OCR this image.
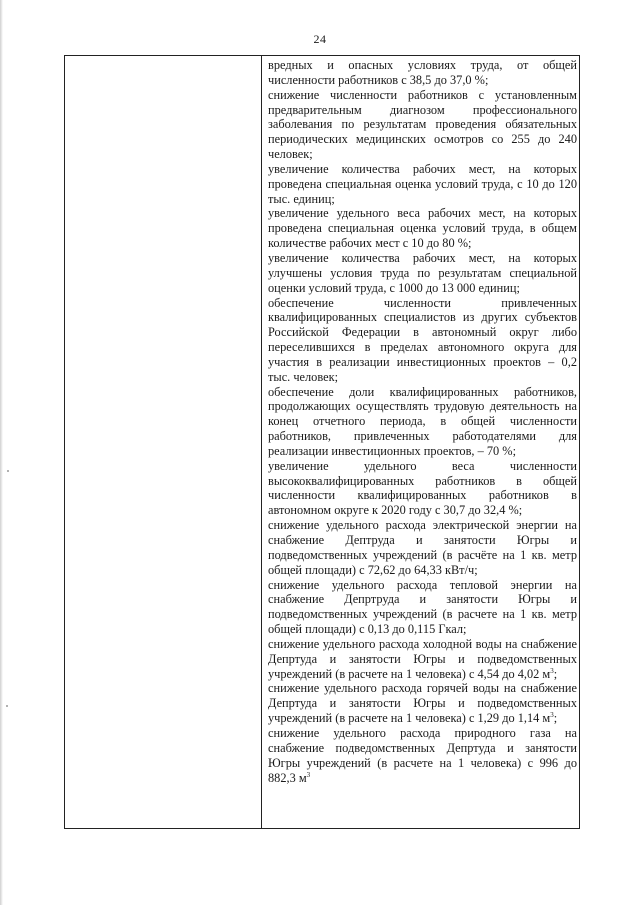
24

вредных и опасных условиях труда, от общей численности работников с 38,5 до 37,0 %;

снижение численности работников с установленным предварительным диагнозом профессионального заболевания по результатам проведения обязательных периодических медицинских осмотров со 255 до 240 человек;

увеличение количества рабочих мест, на которых проведена специальная оценка условий труда, с 10 до 120 тыс. единиц;

увеличение удельного веса рабочих мест, на которых проведена специальная оценка условий труда, в общем количестве рабочих мест с 10 до 80 %;

увеличение количества рабочих мест, на которых улучшены условия труда по результатам специальной оценки условий труда, с 1000 до 13 000 единиц;

обеспечение численности привлеченных квалифицированных специалистов из других субъектов Российской Федерации в автономный округ либо переселившихся в пределах автономного округа для участия в реализации инвестиционных проектов – 0,2 тыс. человек;

обеспечение доли квалифицированных работников, продолжающих осуществлять трудовую деятельность на конец отчетного периода, в общей численности работников, привлеченных работодателями для реализации инвестиционных проектов, – 70 %;

увеличение удельного веса численности высококвалифицированных работников в общей численности квалифицированных работников в автономном округе к 2020 году с 30,7 до 32,4 %;

снижение удельного расхода электрической энергии на снабжение Дептруда и занятости Югры и подведомственных учреждений (в расчёте на 1 кв. метр общей площади) с 72,62 до 64,33 кВт/ч;

снижение удельного расхода тепловой энергии на снабжение Депртруда и занятости Югры и подведомственных учреждений (в расчете на 1 кв. метр общей площади) с 0,13 до 0,115 Гкал;

снижение удельного расхода холодной воды на снабжение Депртуда и занятости Югры и подведомственных учреждений (в расчете на 1 человека) с 4,54 до 4,02 $м^3$;

снижение удельного расхода горячей воды на снабжение Депртуда и занятости Югры и подведомственных учреждений (в расчете на 1 человека) с 1,29 до 1,14 $м^3$;

снижение удельного расхода природного газа на снабжение подведомственных Депртуда и занятости Югры учреждений (в расчете на 1 человека) с 996 до 882,3 $м^3$
